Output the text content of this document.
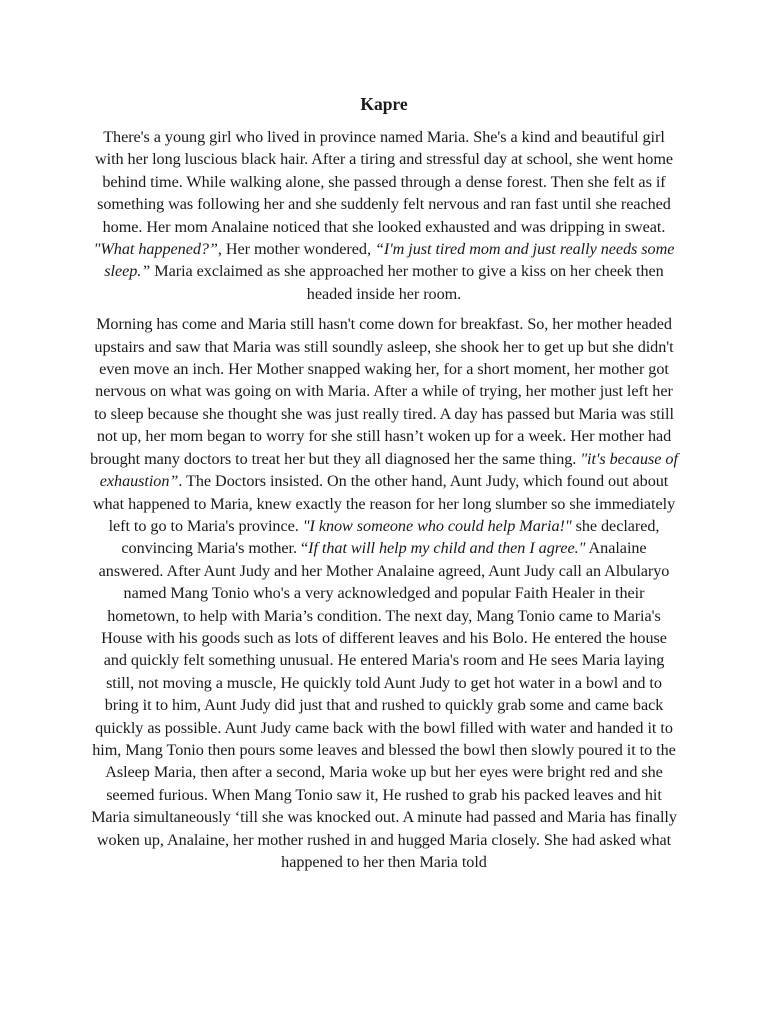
Kapre

There's a young girl who lived in province named Maria. She's a kind and beautiful girl with her long luscious black hair. After a tiring and stressful day at school, she went home behind time. While walking alone, she passed through a dense forest. Then she felt as if something was following her and she suddenly felt nervous and ran fast until she reached home. Her mom Analaine noticed that she looked exhausted and was dripping in sweat. "What happened?”, Her mother wondered, “I'm just tired mom and just really needs some sleep.” Maria exclaimed as she approached her mother to give a kiss on her cheek then headed inside her room.

Morning has come and Maria still hasn't come down for breakfast. So, her mother headed upstairs and saw that Maria was still soundly asleep, she shook her to get up but she didn't even move an inch. Her Mother snapped waking her, for a short moment, her mother got nervous on what was going on with Maria. After a while of trying, her mother just left her to sleep because she thought she was just really tired. A day has passed but Maria was still not up, her mom began to worry for she still hasn’t woken up for a week. Her mother had brought many doctors to treat her but they all diagnosed her the same thing. "it's because of exhaustion”. The Doctors insisted. On the other hand, Aunt Judy, which found out about what happened to Maria, knew exactly the reason for her long slumber so she immediately left to go to Maria's province. "I know someone who could help Maria!" she declared, convincing Maria's mother. “If that will help my child and then I agree." Analaine answered. After Aunt Judy and her Mother Analaine agreed, Aunt Judy call an Albularyo named Mang Tonio who's a very acknowledged and popular Faith Healer in their hometown, to help with Maria’s condition. The next day, Mang Tonio came to Maria's House with his goods such as lots of different leaves and his Bolo. He entered the house and quickly felt something unusual. He entered Maria's room and He sees Maria laying still, not moving a muscle, He quickly told Aunt Judy to get hot water in a bowl and to bring it to him, Aunt Judy did just that and rushed to quickly grab some and came back quickly as possible. Aunt Judy came back with the bowl filled with water and handed it to him, Mang Tonio then pours some leaves and blessed the bowl then slowly poured it to the Asleep Maria, then after a second, Maria woke up but her eyes were bright red and she seemed furious. When Mang Tonio saw it, He rushed to grab his packed leaves and hit Maria simultaneously ‘till she was knocked out. A minute had passed and Maria has finally woken up, Analaine, her mother rushed in and hugged Maria closely. She had asked what happened to her then Maria told
